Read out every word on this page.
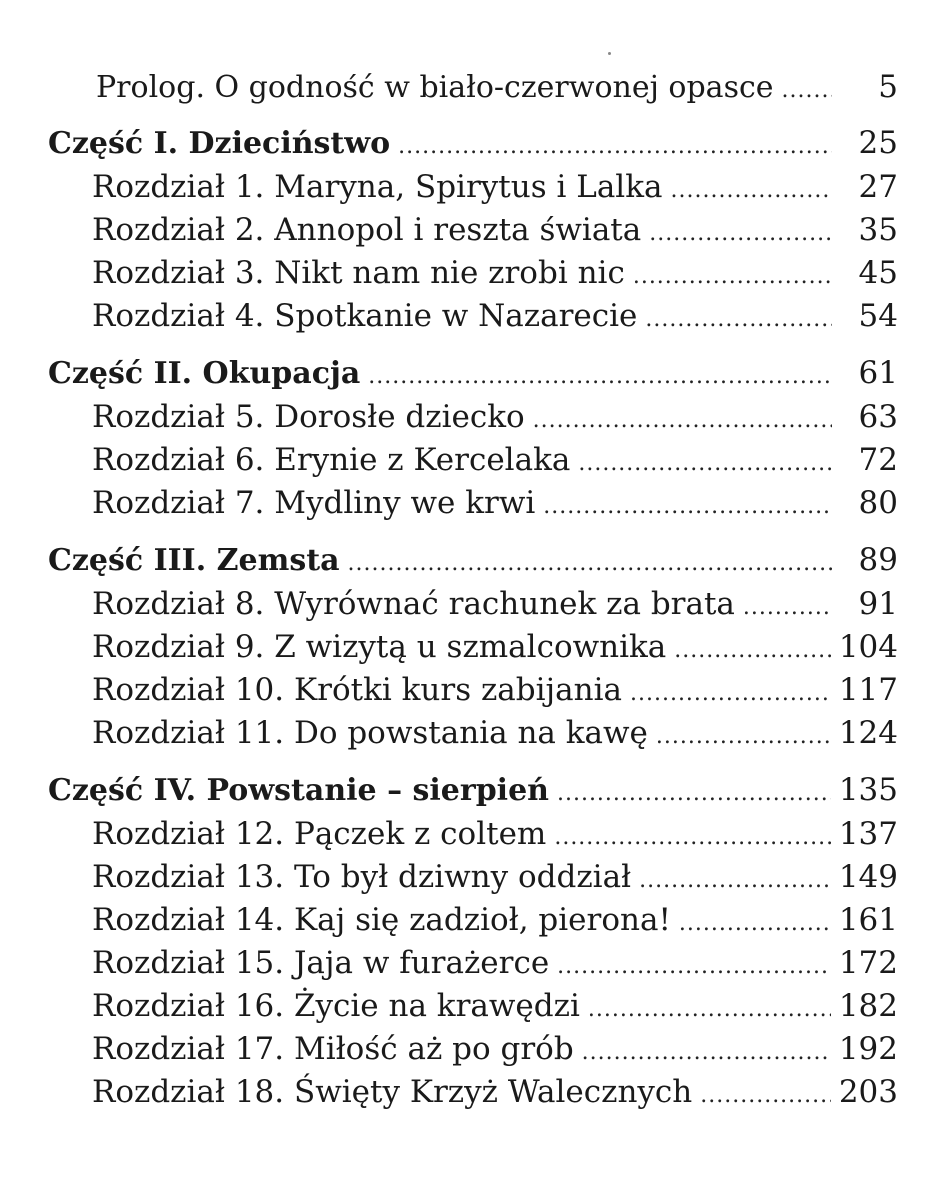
Prolog. O godność w biało-czerwonej opasce .....	5
Część I. Dzieciństwo .....	25
Rozdział 1. Maryna, Spirytus i Lalka .....	27
Rozdział 2. Annopol i reszta świata .....	35
Rozdział 3. Nikt nam nie zrobi nic .....	45
Rozdział 4. Spotkanie w Nazarecie .....	54
Część II. Okupacja .....	61
Rozdział 5. Dorosłe dziecko .....	63
Rozdział 6. Erynie z Kercelaka .....	72
Rozdział 7. Mydliny we krwi .....	80
Część III. Zemsta .....	89
Rozdział 8. Wyrównać rachunek za brata .....	91
Rozdział 9. Z wizytą u szmalcownika .....	104
Rozdział 10. Krótki kurs zabijania .....	117
Rozdział 11. Do powstania na kawę .....	124
Część IV. Powstanie – sierpień .....	135
Rozdział 12. Pączek z coltem .....	137
Rozdział 13. To był dziwny oddział .....	149
Rozdział 14. Kaj się zadzioł, pierona! .....	161
Rozdział 15. Jaja w furażerce .....	172
Rozdział 16. Życie na krawędzi .....	182
Rozdział 17. Miłość aż po grób .....	192
Rozdział 18. Święty Krzyż Walecznych .....	203
